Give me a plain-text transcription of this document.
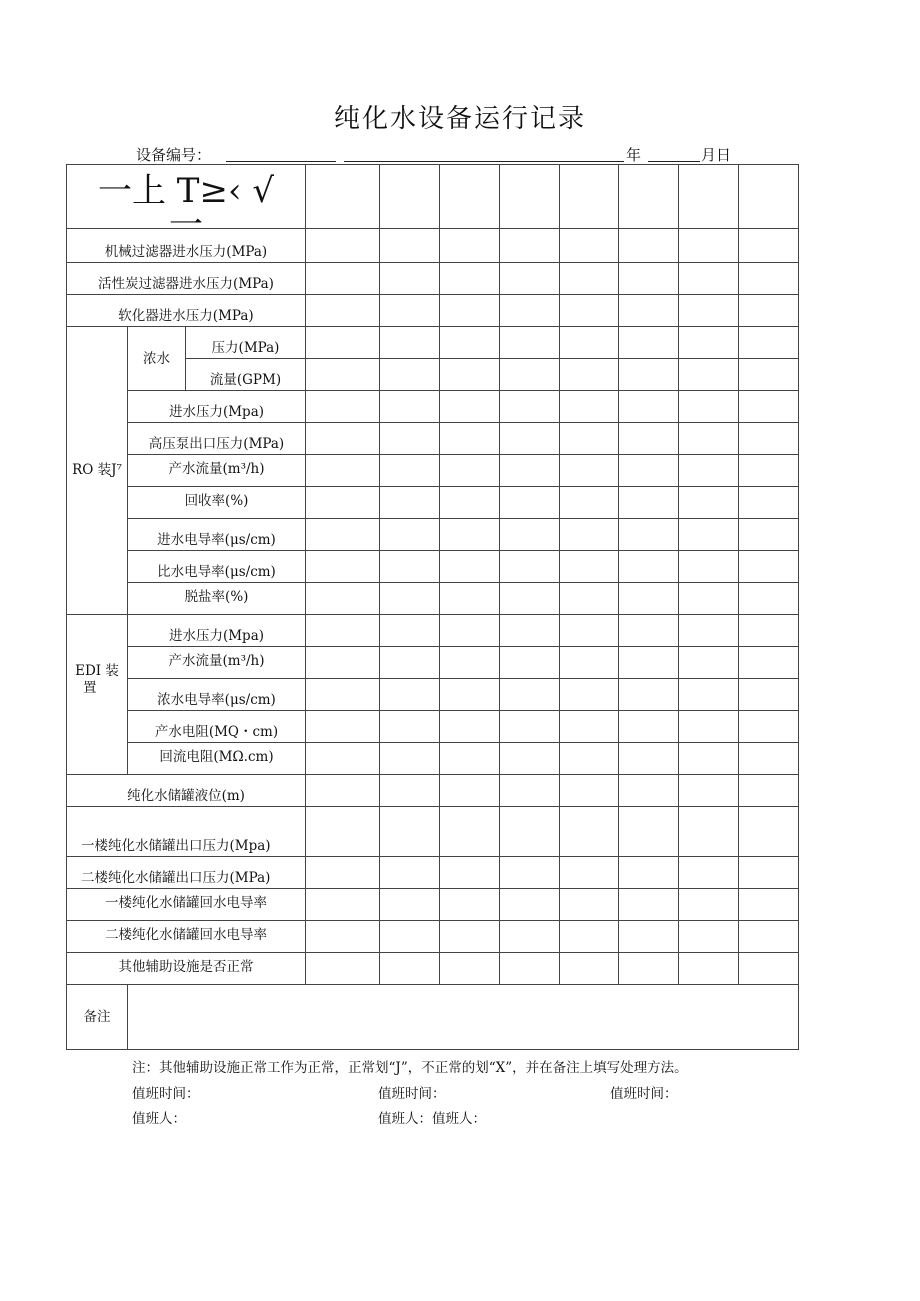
纯化水设备运行记录
设备编号：	年	月日
一上 T≥‹ √
一										

机械过滤器进水压力(MPa)										
活性炭过滤器进水压力(MPa)										
软化器进水压力(MPa)										
RO 装J⁷	浓水	压力(MPa)								
		流量(GPM)								
	进水压力(Mpa)									
	高压泵出口压力(MPa)									
	产水流量(m³/h)									
	回收率(%)									
	进水电导率(μs/cm)									
	比水电导率(μs/cm)									
	脱盐率(%)									

EDI 装
置	进水压力(Mpa)									
	产水流量(m³/h)									
	浓水电导率(μs/cm)									
	产水电阻(MQ・cm)									
	回流电阻(MΩ.cm)									
纯化水储罐液位(m)										
一楼纯化水储罐出口压力(Mpa)										
二楼纯化水储罐出口压力(MPa)										
一楼纯化水储罐回水电导率										
二楼纯化水储罐回水电导率										
其他辅助设施是否正常										
备注										
注：其他辅助设施正常工作为正常，正常划“J”，不正常的划“X”，并在备注上填写处理方法。
值班时间：	值班时间：	值班时间：
值班人：	值班人：值班人：
